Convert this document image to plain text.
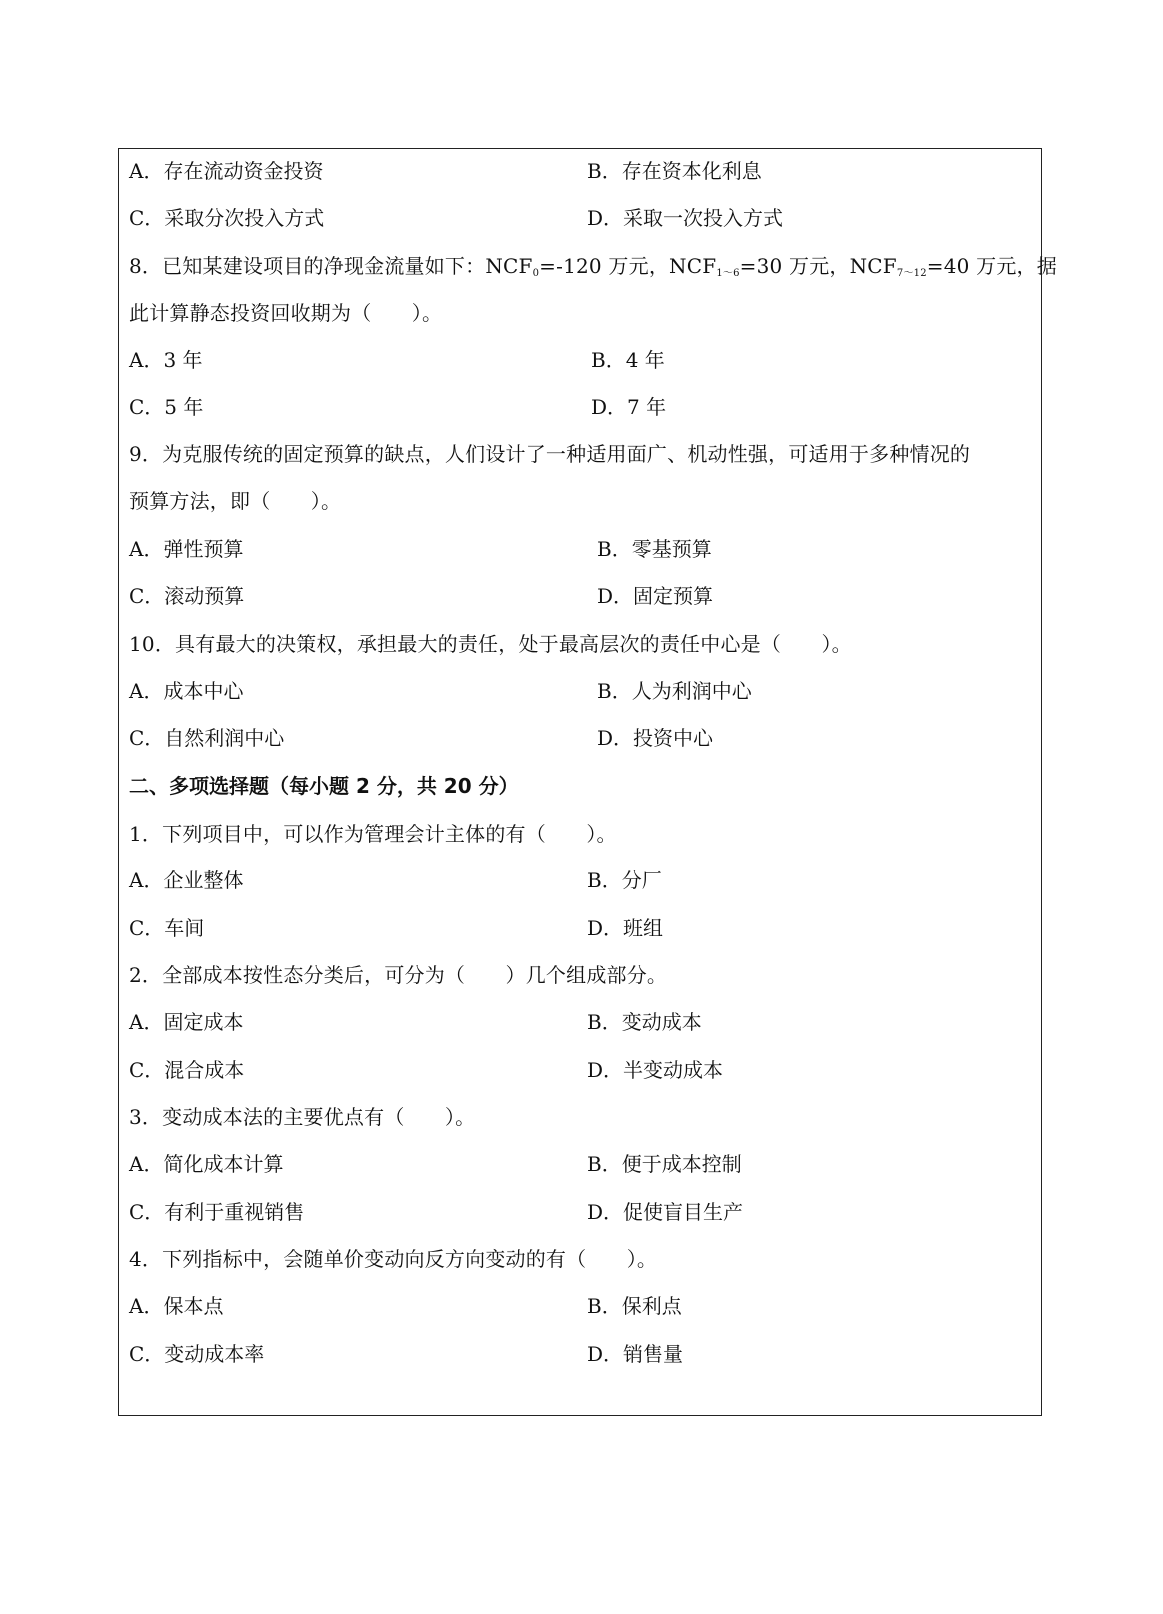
A．存在流动资金投资	B．存在资本化利息
C．采取分次投入方式	D．采取一次投入方式
8．已知某建设项目的净现金流量如下：$NCF_0=-120$ 万元，$NCF_{1\sim 6}=30$ 万元，$NCF_{7\sim 12}=40$ 万元，据
此计算静态投资回收期为（　　）。
A．3 年	B．4 年
C．5 年	D．7 年
9．为克服传统的固定预算的缺点，人们设计了一种适用面广、机动性强，可适用于多种情况的
预算方法，即（　　）。
A．弹性预算	B．零基预算
C．滚动预算	D．固定预算
10．具有最大的决策权，承担最大的责任，处于最高层次的责任中心是（　　）。
A．成本中心	B．人为利润中心
C．自然利润中心	D．投资中心
二、多项选择题（每小题 2 分，共 20 分）
1．下列项目中，可以作为管理会计主体的有（　　）。
A．企业整体	B．分厂
C．车间	D．班组
2．全部成本按性态分类后，可分为（　　）几个组成部分。
A．固定成本	B．变动成本
C．混合成本	D．半变动成本
3．变动成本法的主要优点有（　　）。
A．简化成本计算	B．便于成本控制
C．有利于重视销售	D．促使盲目生产
4．下列指标中，会随单价变动向反方向变动的有（　　）。
A．保本点	B．保利点
C．变动成本率	D．销售量
